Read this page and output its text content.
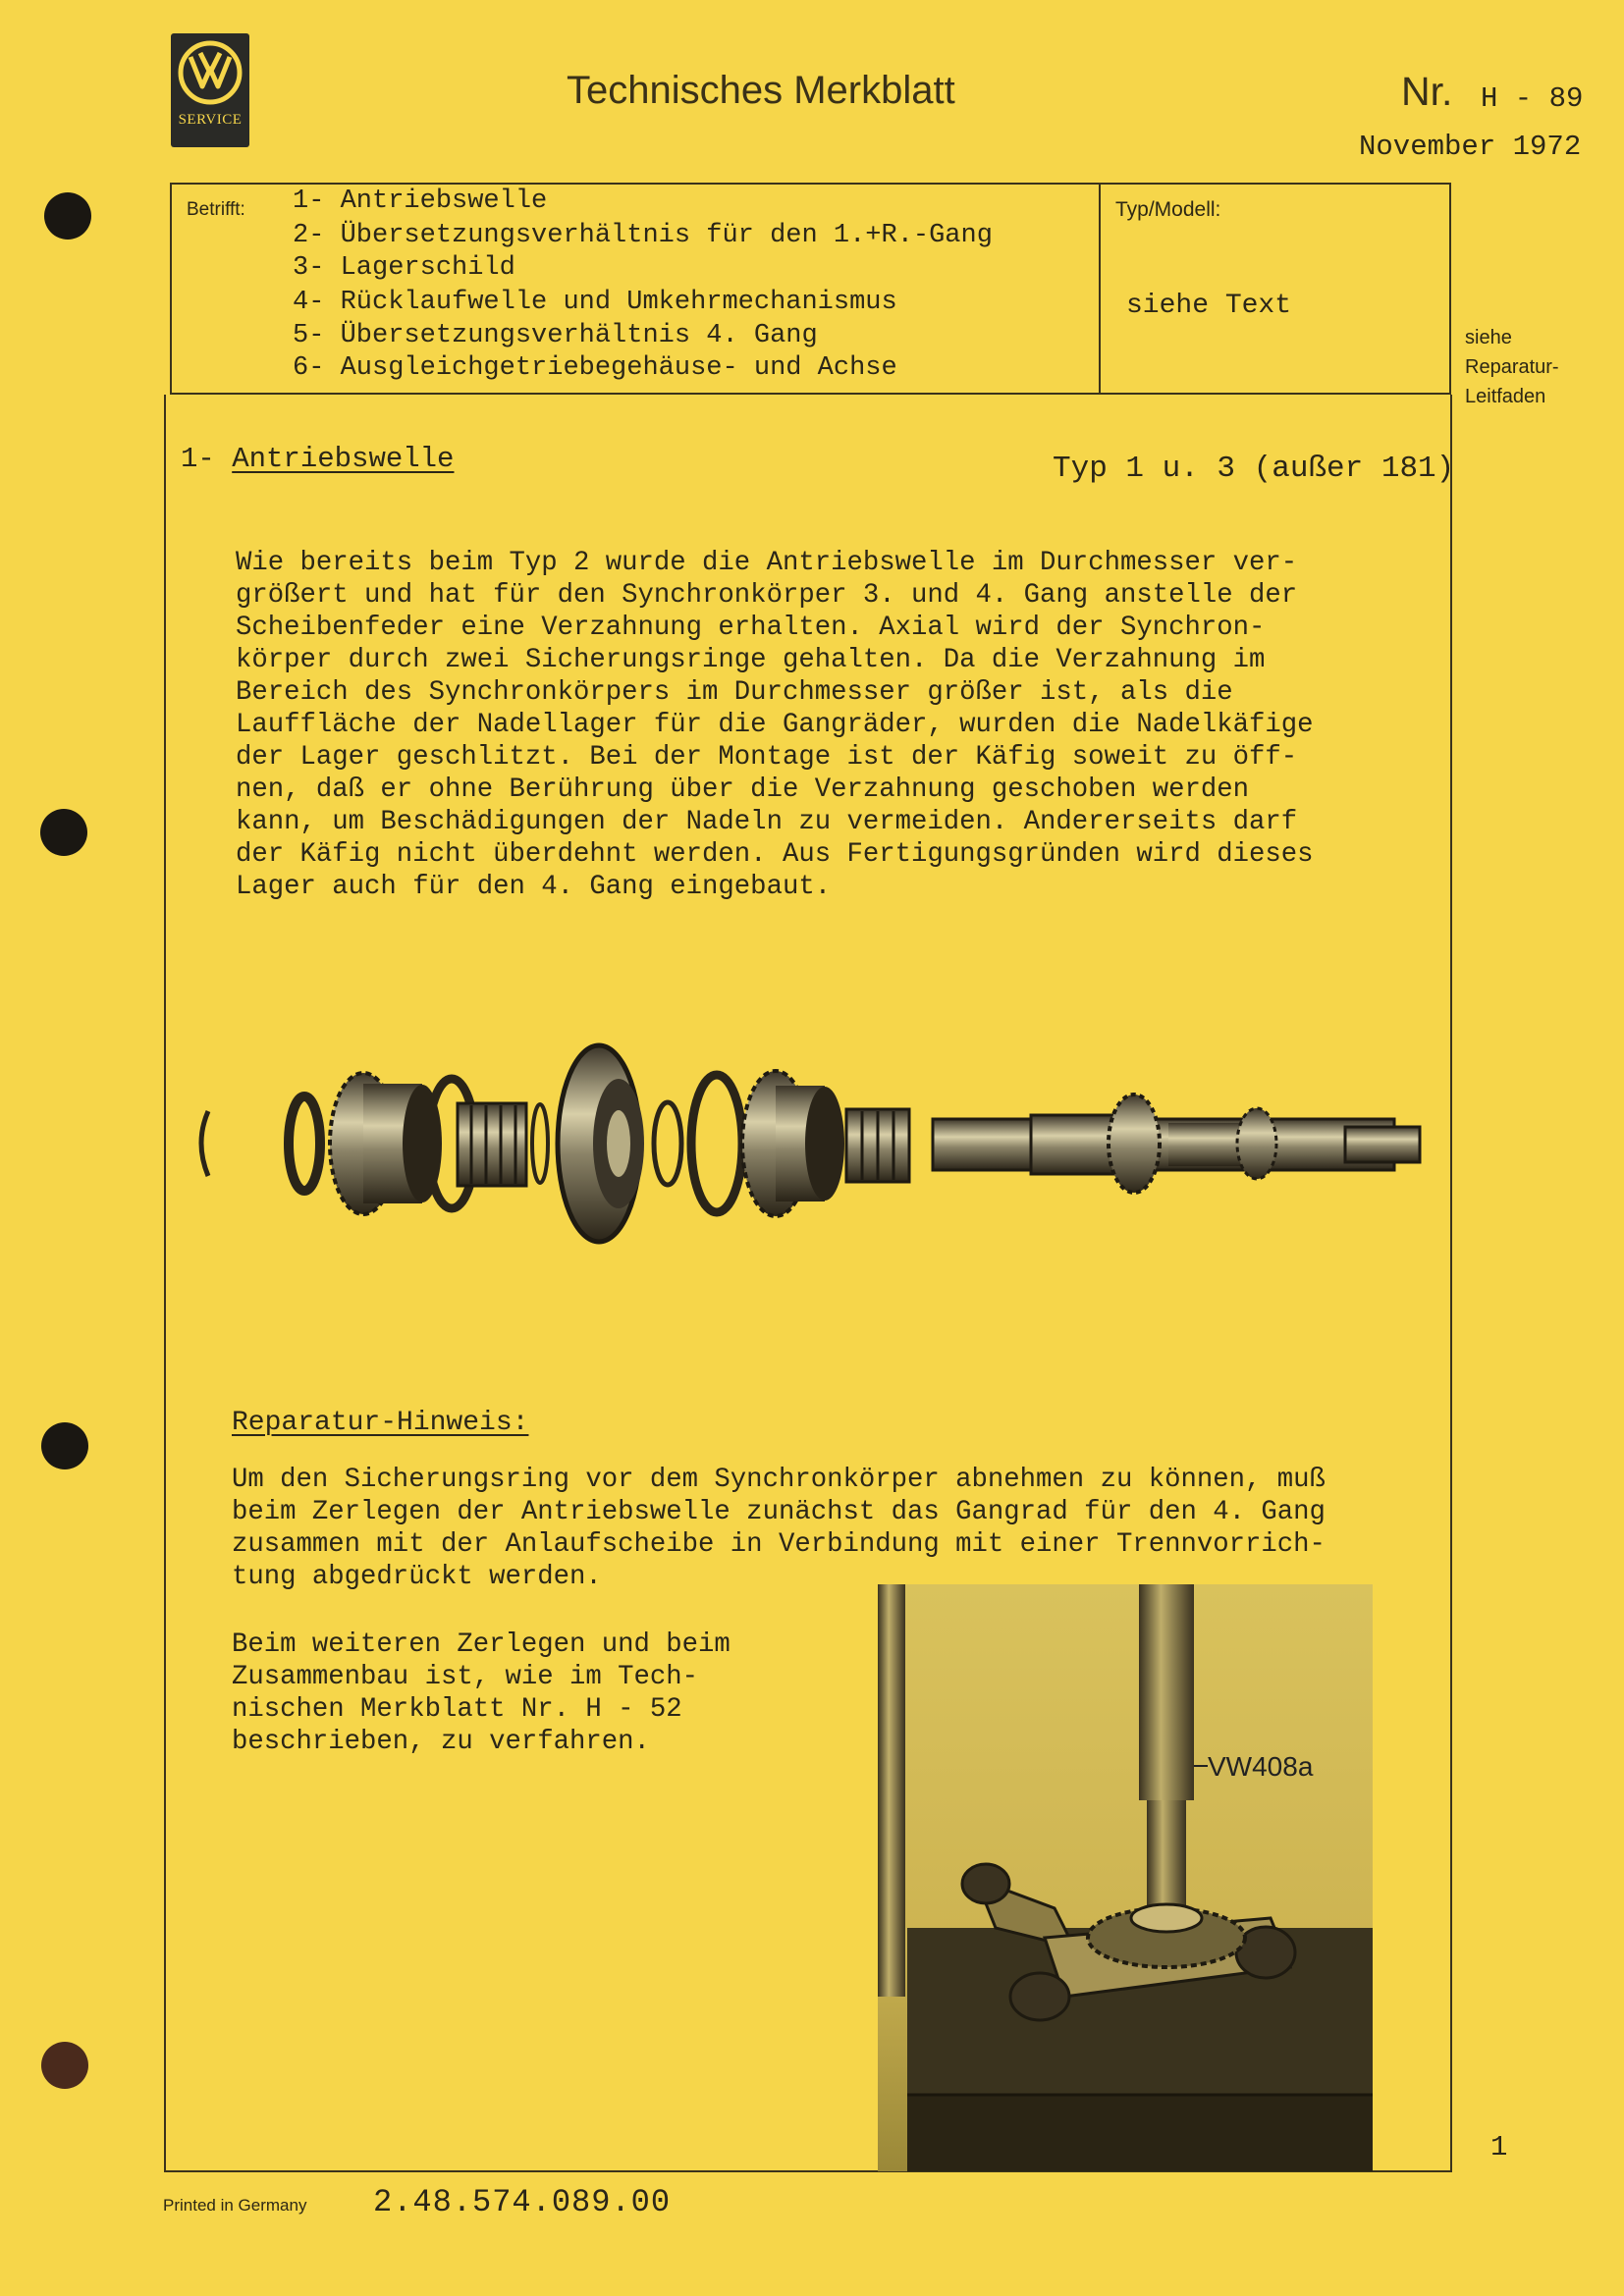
SERVICE
Technisches Merkblatt	Nr. H - 89
November 1972
Betrifft: 1- Antriebswelle
2- Übersetzungsverhältnis für den 1.+R.-Gang
3- Lagerschild
4- Rücklaufwelle und Umkehrmechanismus
5- Übersetzungsverhältnis 4. Gang
6- Ausgleichgetriebegehäuse- und Achse
Typ/Modell:
siehe Text
siehe
Reparatur-
Leitfaden
1- Antriebswelle	Typ 1 u. 3 (außer 181)
Wie bereits beim Typ 2 wurde die Antriebswelle im Durchmesser ver-
größert und hat für den Synchronkörper 3. und 4. Gang anstelle der
Scheibenfeder eine Verzahnung erhalten. Axial wird der Synchron-
körper durch zwei Sicherungsringe gehalten. Da die Verzahnung im
Bereich des Synchronkörpers im Durchmesser größer ist, als die
Lauffläche der Nadellager für die Gangräder, wurden die Nadelkäfige
der Lager geschlitzt. Bei der Montage ist der Käfig soweit zu öff-
nen, daß er ohne Berührung über die Verzahnung geschoben werden
kann, um Beschädigungen der Nadeln zu vermeiden. Andererseits darf
der Käfig nicht überdehnt werden. Aus Fertigungsgründen wird dieses
Lager auch für den 4. Gang eingebaut.
Reparatur-Hinweis:
Um den Sicherungsring vor dem Synchronkörper abnehmen zu können, muß
beim Zerlegen der Antriebswelle zunächst das Gangrad für den 4. Gang
zusammen mit der Anlaufscheibe in Verbindung mit einer Trennvorrich-
tung abgedrückt werden.
Beim weiteren Zerlegen und beim
Zusammenbau ist, wie im Tech-
nischen Merkblatt Nr. H - 52
beschrieben, zu verfahren.
VW408a
1
Printed in Germany 2.48.574.089.00
